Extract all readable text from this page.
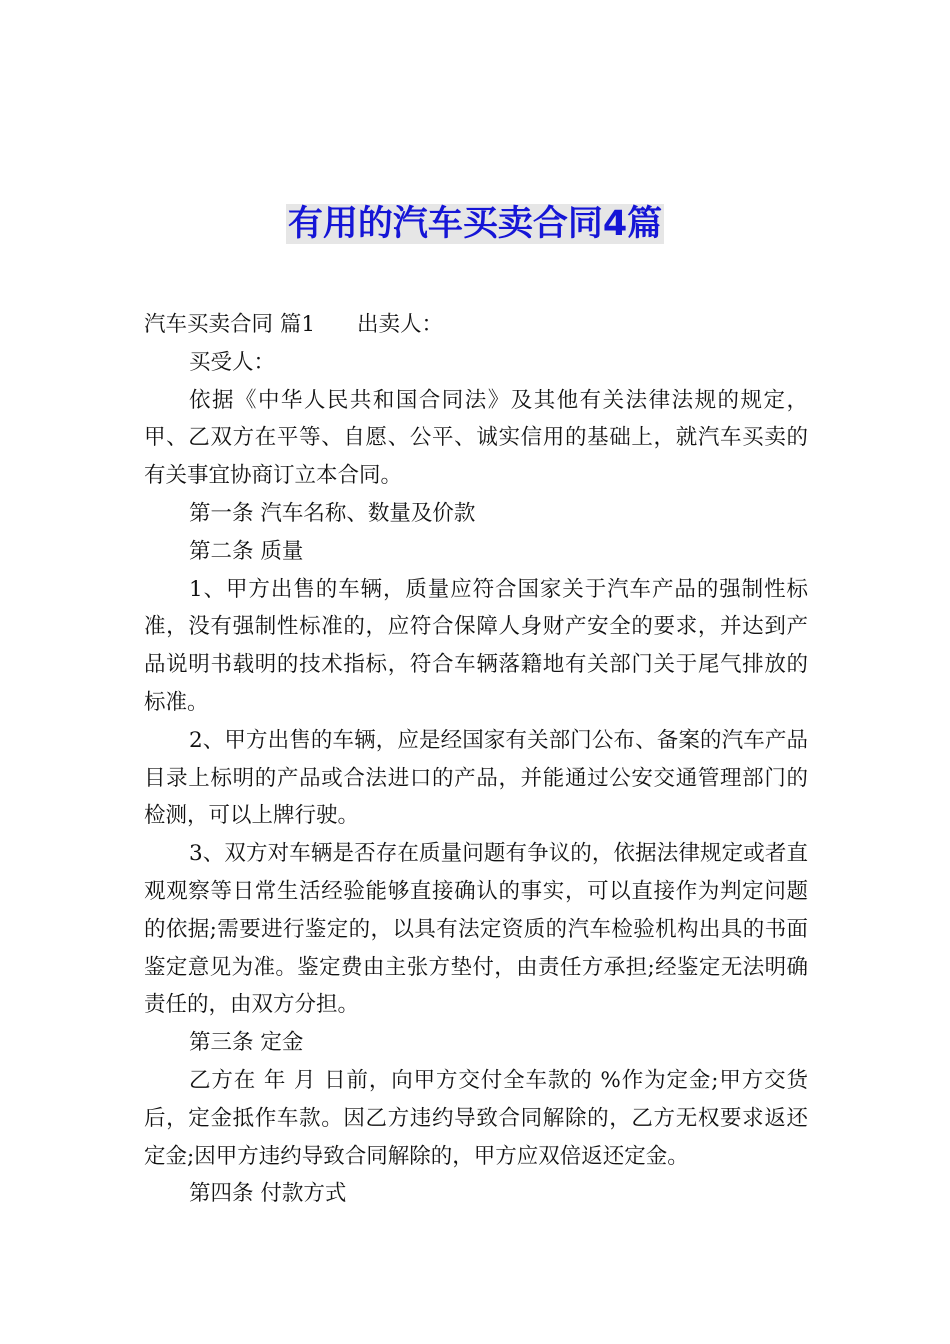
有用的汽车买卖合同4篇

汽车买卖合同 篇1 出卖人：

买受人：

依据《中华人民共和国合同法》及其他有关法律法规的规定，甲、乙双方在平等、自愿、公平、诚实信用的基础上，就汽车买卖的有关事宜协商订立本合同。

第一条 汽车名称、数量及价款

第二条 质量

1、甲方出售的车辆，质量应符合国家关于汽车产品的强制性标准，没有强制性标准的，应符合保障人身财产安全的要求，并达到产品说明书载明的技术指标，符合车辆落籍地有关部门关于尾气排放的标准。

2、甲方出售的车辆，应是经国家有关部门公布、备案的汽车产品目录上标明的产品或合法进口的产品，并能通过公安交通管理部门的检测，可以上牌行驶。

3、双方对车辆是否存在质量问题有争议的，依据法律规定或者直观观察等日常生活经验能够直接确认的事实，可以直接作为判定问题的依据;需要进行鉴定的，以具有法定资质的汽车检验机构出具的书面鉴定意见为准。鉴定费由主张方垫付，由责任方承担;经鉴定无法明确责任的，由双方分担。

第三条 定金

乙方在 年 月 日前，向甲方交付全车款的 %作为定金;甲方交货后，定金抵作车款。因乙方违约导致合同解除的，乙方无权要求返还定金;因甲方违约导致合同解除的，甲方应双倍返还定金。

第四条 付款方式
